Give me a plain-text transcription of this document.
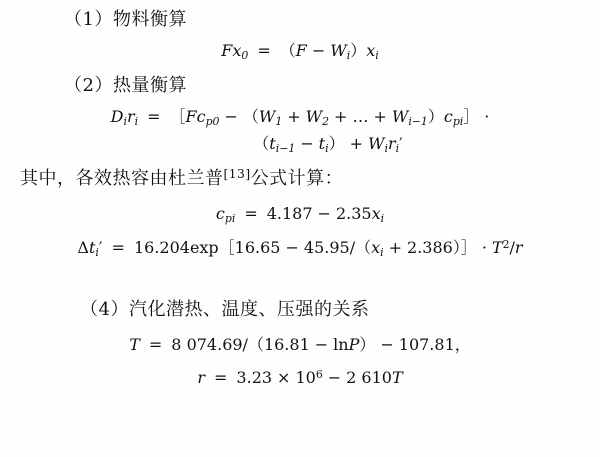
（1）物料衡算
$Fx_0 = (F - W_i)x_i$
（2）热量衡算
$D_ir_i$ = $[Fc_{p0} - (W_1 + W_2$ + … + $W_{i-1})c_{pi}]$ ·
$(t_{i-1} - t_i) + W_ir_i'$
其中，各效热容由杜兰普[13]公式计算：
$c_{pi} = 4.187 - 2.35x_i$
$\Delta t_i'$ = 16.204exp［16.65 − $45.95/(x_i$ + 2.386）］ · $T^2/r$
（4）汽化潜热、温度、压强的关系
T = 8 074.69/（16.81 − lnP） − 107.81，
$r = 3.23 \times 10^6 - 2$ 610T
